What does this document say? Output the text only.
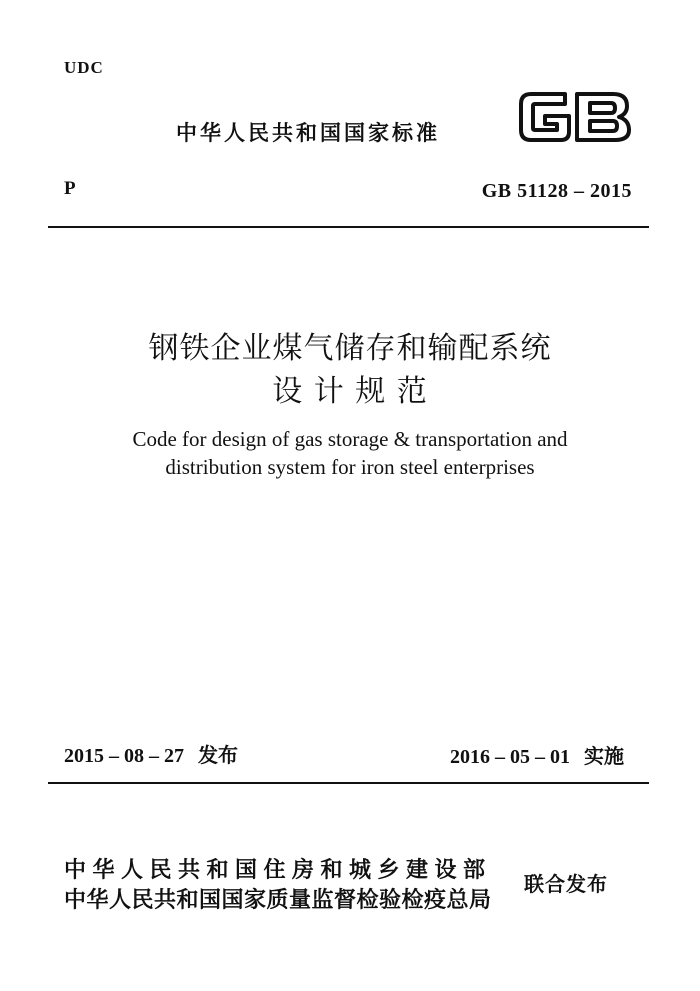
UDC
中华人民共和国国家标准
GB
P	GB 51128 – 2015
钢铁企业煤气储存和输配系统
设 计 规 范
Code for design of gas storage & transportation and
distribution system for iron steel enterprises
2015 – 08 – 27 发布	2016 – 05 – 01 实施
中华人民共和国住房和城乡建设部
中华人民共和国国家质量监督检验检疫总局
联合发布
